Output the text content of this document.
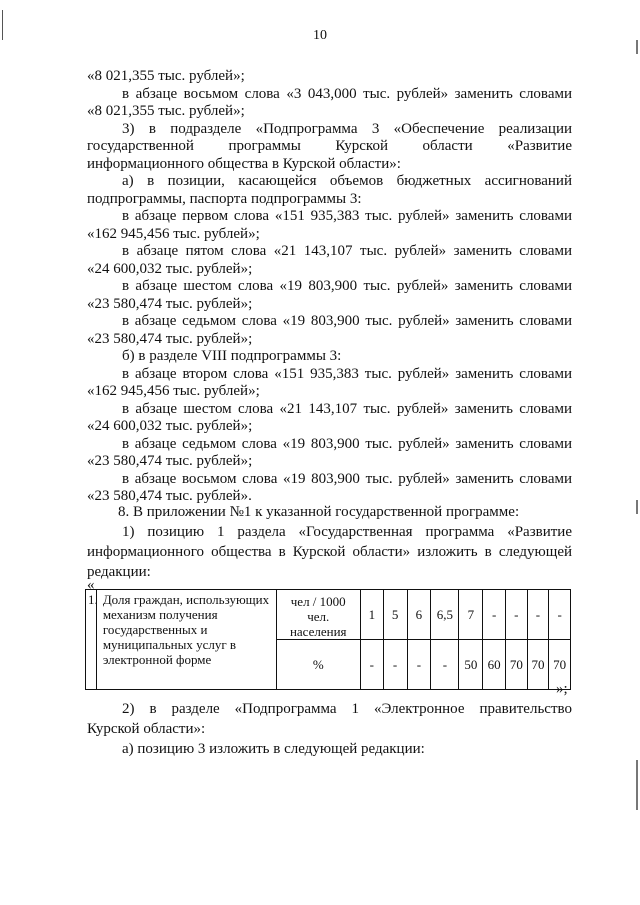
10
«8 021,355 тыс. рублей»;
в абзаце восьмом слова «3 043,000 тыс. рублей» заменить словами
«8 021,355 тыс. рублей»;
3) в подразделе «Подпрограмма 3 «Обеспечение реализации
государственной программы Курской области «Развитие
информационного общества в Курской области»:
а) в позиции, касающейся объемов бюджетных ассигнований
подпрограммы, паспорта подпрограммы 3:
в абзаце первом слова «151 935,383 тыс. рублей» заменить словами
«162 945,456 тыс. рублей»;
в абзаце пятом слова «21 143,107 тыс. рублей» заменить словами
«24 600,032 тыс. рублей»;
в абзаце шестом слова «19 803,900 тыс. рублей» заменить словами
«23 580,474 тыс. рублей»;
в абзаце седьмом слова «19 803,900 тыс. рублей» заменить словами
«23 580,474 тыс. рублей»;
б) в разделе VIII подпрограммы 3:
в абзаце втором слова «151 935,383 тыс. рублей» заменить словами
«162 945,456 тыс. рублей»;
в абзаце шестом слова «21 143,107 тыс. рублей» заменить словами
«24 600,032 тыс. рублей»;
в абзаце седьмом слова «19 803,900 тыс. рублей» заменить словами
«23 580,474 тыс. рублей»;
в абзаце восьмом слова «19 803,900 тыс. рублей» заменить словами
«23 580,474 тыс. рублей».
1.	Доля граждан, использующих механизм получения государственных и муниципальных услуг в электронной форме	чел / 1000 чел. населения	1	5	6	6,5	7	-	-	-	-
		%	-	-	-	-	50	60	70	70	70
8. В приложении №1 к указанной государственной программе:
1) позицию 1 раздела «Государственная программа «Развитие
информационного общества в Курской области» изложить в следующей
редакции:
«
»;
2) в разделе «Подпрограмма 1 «Электронное правительство
Курской области»:
а) позицию 3 изложить в следующей редакции:
